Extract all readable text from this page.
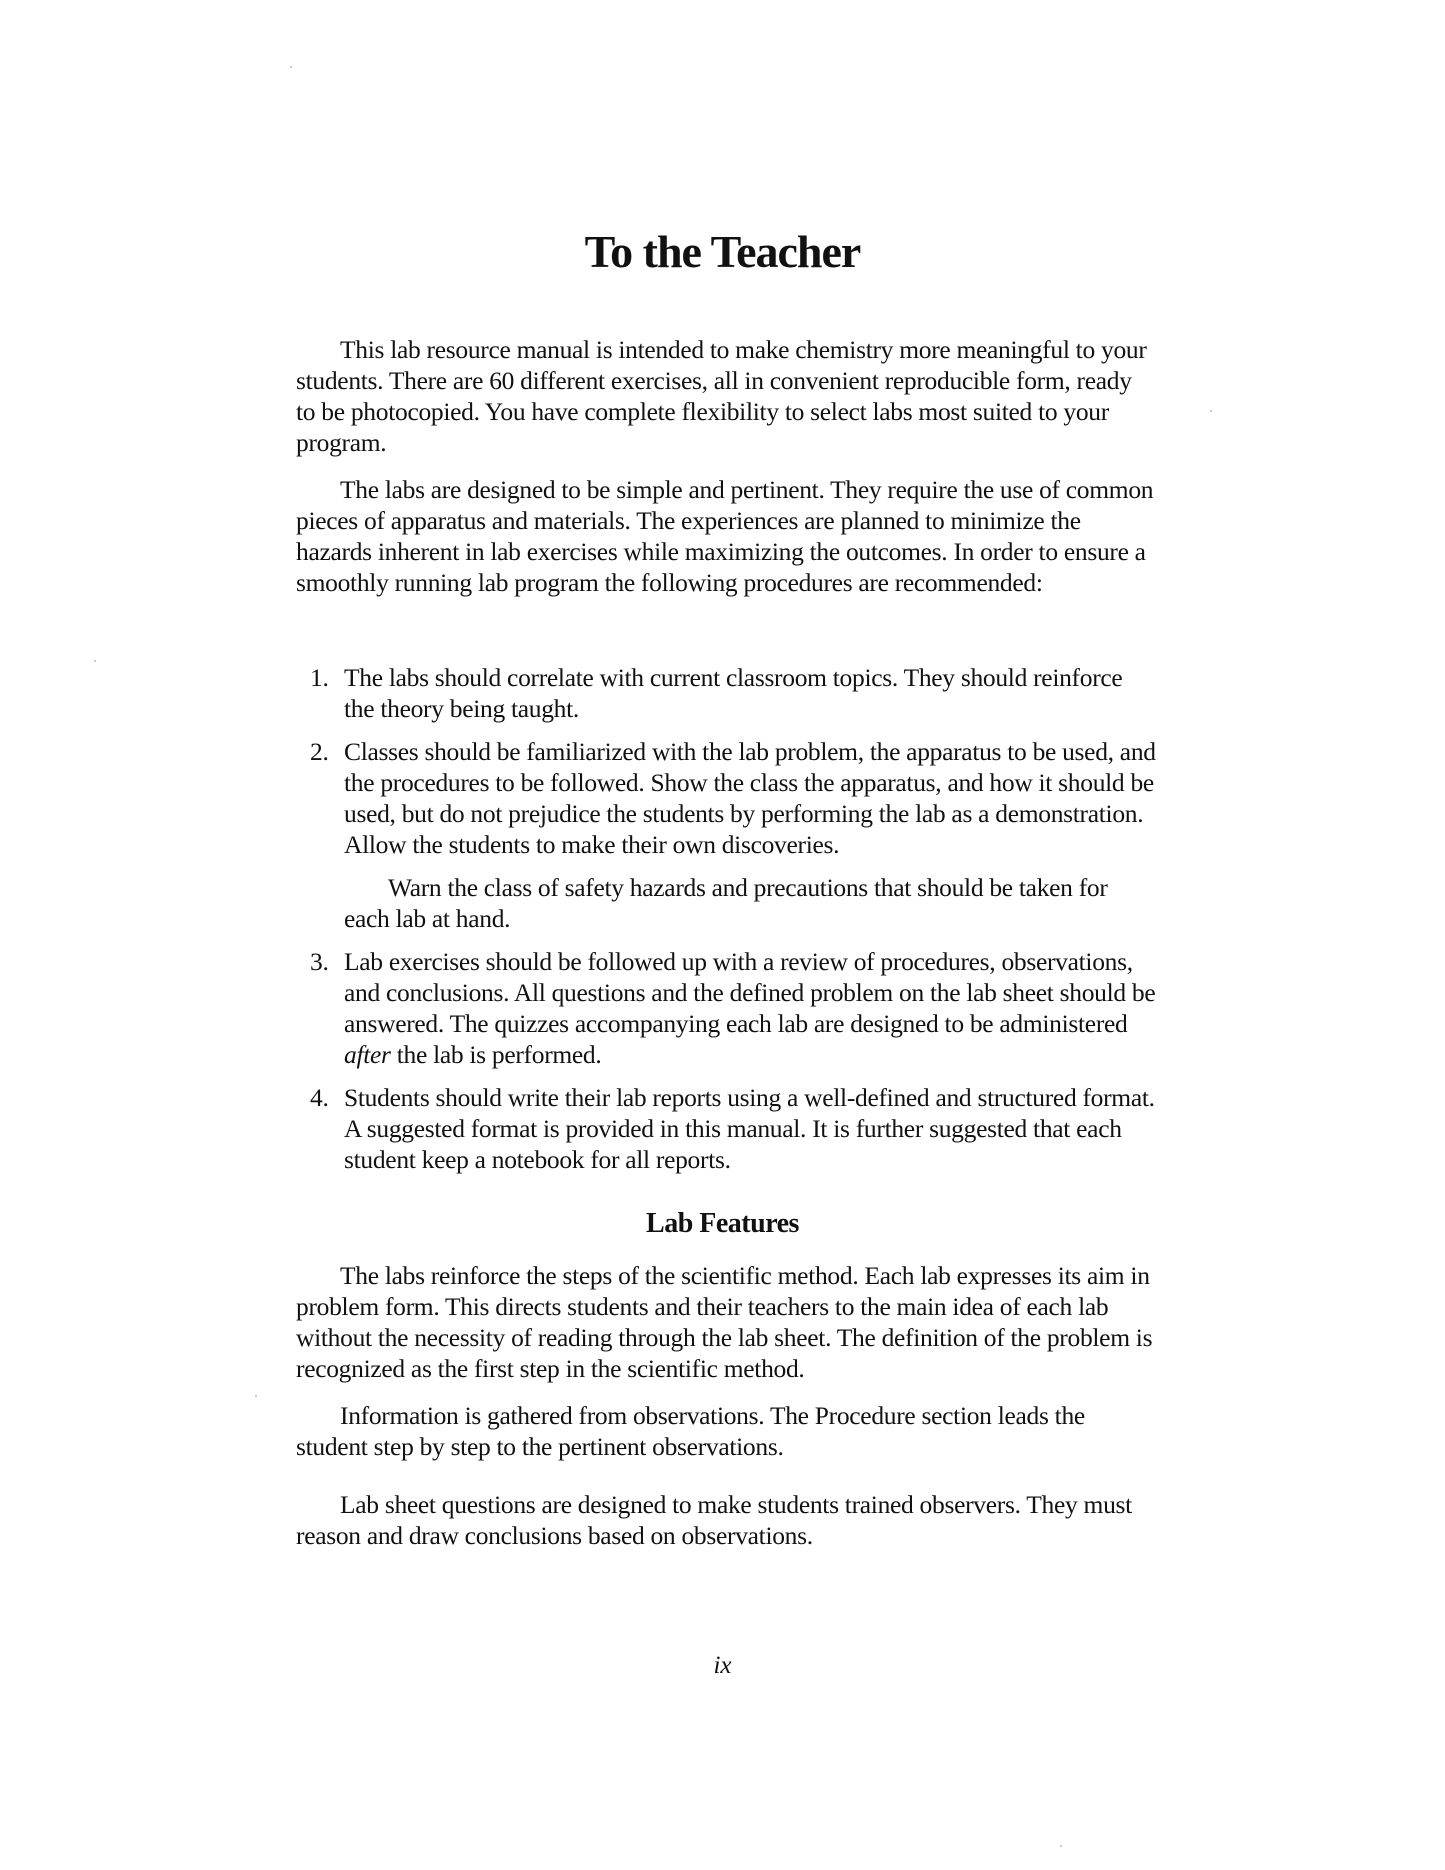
To the Teacher

This lab resource manual is intended to make chemistry more meaningful to your students. There are 60 different exercises, all in convenient reproducible form, ready to be photocopied. You have complete flexibility to select labs most suited to your program.

The labs are designed to be simple and pertinent. They require the use of common pieces of apparatus and materials. The experiences are planned to minimize the hazards inherent in lab exercises while maximizing the outcomes. In order to ensure a smoothly running lab program the following procedures are recommended:

1. The labs should correlate with current classroom topics. They should reinforce the theory being taught.
2. Classes should be familiarized with the lab problem, the apparatus to be used, and the procedures to be followed. Show the class the apparatus, and how it should be used, but do not prejudice the students by performing the lab as a demonstration. Allow the students to make their own discoveries.
Warn the class of safety hazards and precautions that should be taken for each lab at hand.
3. Lab exercises should be followed up with a review of procedures, observations, and conclusions. All questions and the defined problem on the lab sheet should be answered. The quizzes accompanying each lab are designed to be administered after the lab is performed.
4. Students should write their lab reports using a well-defined and structured format. A suggested format is provided in this manual. It is further suggested that each student keep a notebook for all reports.
Lab Features

The labs reinforce the steps of the scientific method. Each lab expresses its aim in problem form. This directs students and their teachers to the main idea of each lab without the necessity of reading through the lab sheet. The definition of the problem is recognized as the first step in the scientific method.

Information is gathered from observations. The Procedure section leads the student step by step to the pertinent observations.

Lab sheet questions are designed to make students trained observers. They must reason and draw conclusions based on observations.

ix
